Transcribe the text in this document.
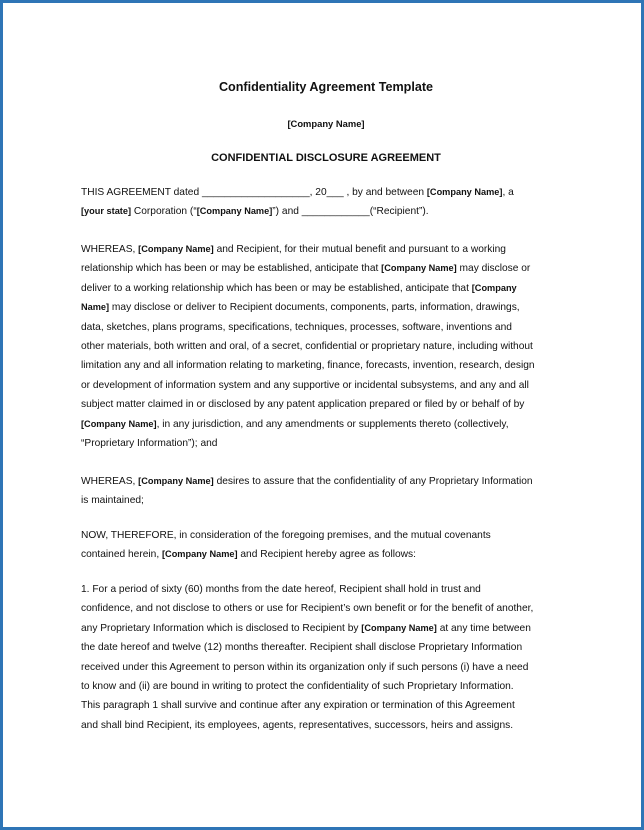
Confidentiality Agreement Template
[Company Name]
CONFIDENTIAL DISCLOSURE AGREEMENT
THIS AGREEMENT dated ___________________, 20___ , by and between [Company Name], a
[your state] Corporation (“[Company Name]”) and ____________(“Recipient”).
WHEREAS, [Company Name] and Recipient, for their mutual benefit and pursuant to a working
relationship which has been or may be established, anticipate that [Company Name] may disclose or
deliver to a working relationship which has been or may be established, anticipate that [Company
Name] may disclose or deliver to Recipient documents, components, parts, information, drawings,
data, sketches, plans programs, specifications, techniques, processes, software, inventions and
other materials, both written and oral, of a secret, confidential or proprietary nature, including without
limitation any and all information relating to marketing, finance, forecasts, invention, research, design
or development of information system and any supportive or incidental subsystems, and any and all
subject matter claimed in or disclosed by any patent application prepared or filed by or behalf of by
[Company Name], in any jurisdiction, and any amendments or supplements thereto (collectively,
“Proprietary Information”); and
WHEREAS, [Company Name] desires to assure that the confidentiality of any Proprietary Information
is maintained;
NOW, THEREFORE, in consideration of the foregoing premises, and the mutual covenants
contained herein, [Company Name] and Recipient hereby agree as follows:
1. For a period of sixty (60) months from the date hereof, Recipient shall hold in trust and
confidence, and not disclose to others or use for Recipient’s own benefit or for the benefit of another,
any Proprietary Information which is disclosed to Recipient by [Company Name] at any time between
the date hereof and twelve (12) months thereafter. Recipient shall disclose Proprietary Information
received under this Agreement to person within its organization only if such persons (i) have a need
to know and (ii) are bound in writing to protect the confidentiality of such Proprietary Information.
This paragraph 1 shall survive and continue after any expiration or termination of this Agreement
and shall bind Recipient, its employees, agents, representatives, successors, heirs and assigns.
